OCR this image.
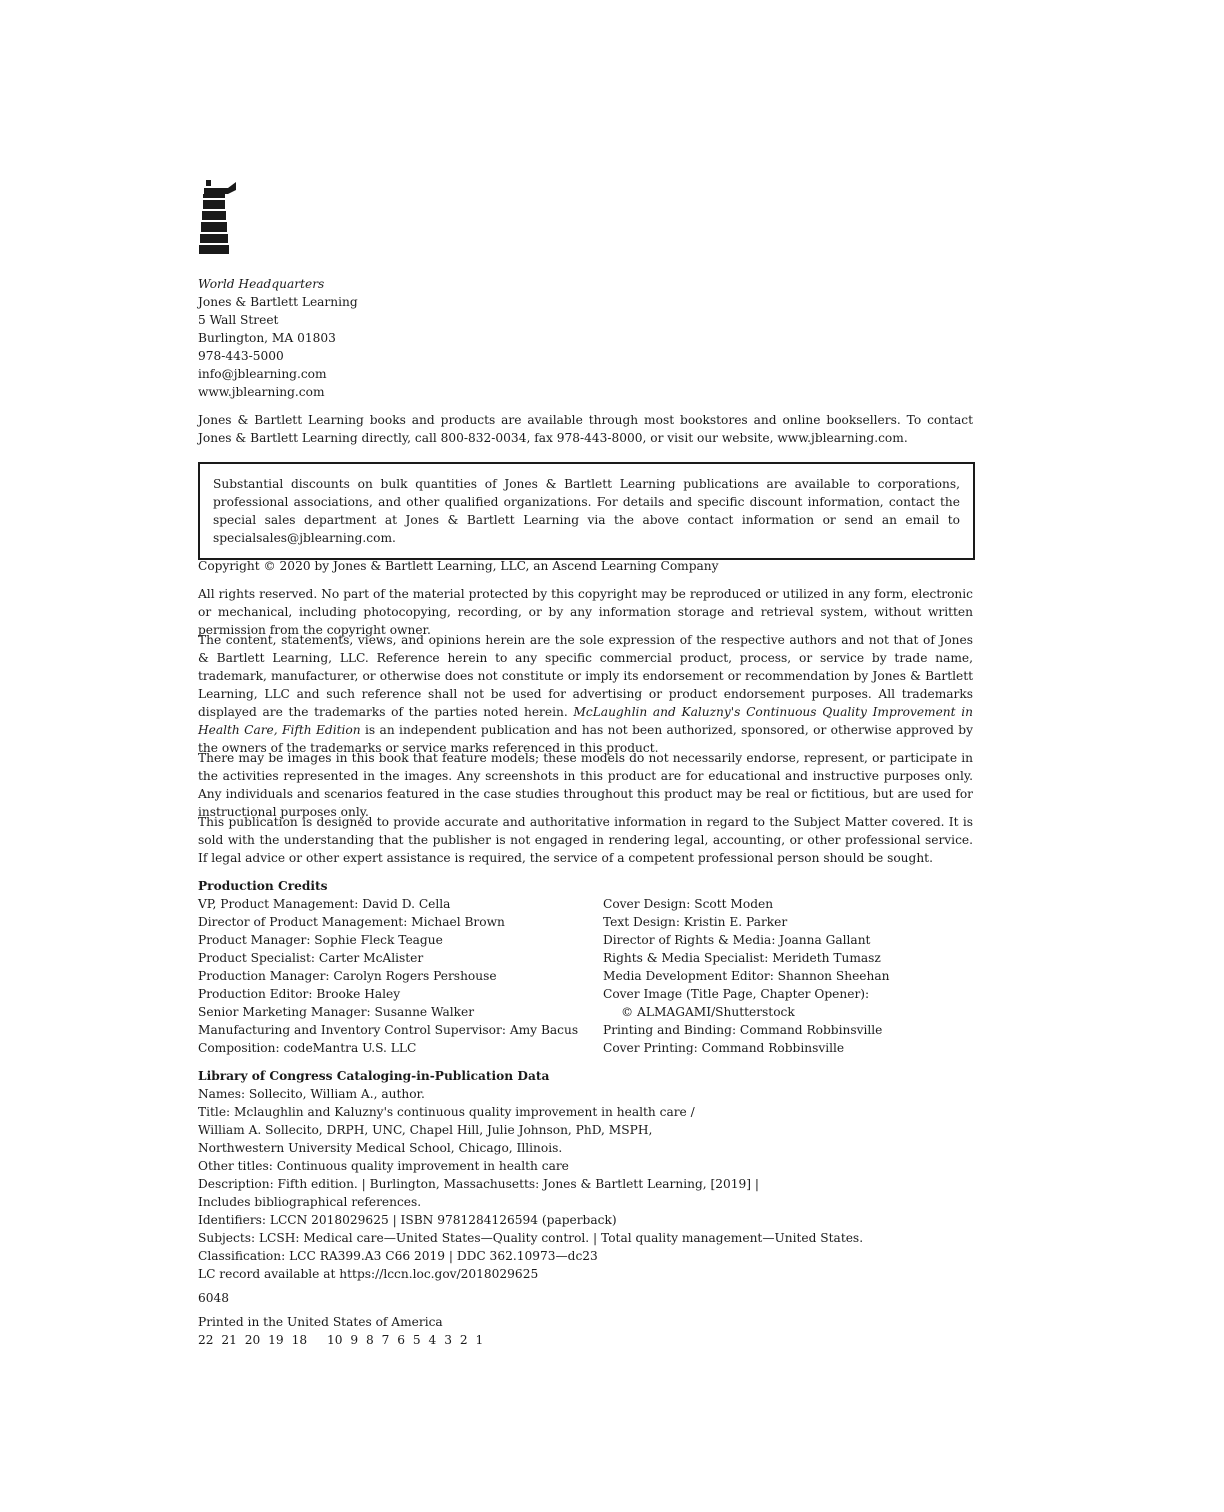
World Headquarters
Jones & Bartlett Learning
5 Wall Street
Burlington, MA 01803
978-443-5000
info@jblearning.com
www.jblearning.com

Jones & Bartlett Learning books and products are available through most bookstores and online booksellers. To contact Jones & Bartlett Learning directly, call 800-832-0034, fax 978-443-8000, or visit our website, www.jblearning.com.

Substantial discounts on bulk quantities of Jones & Bartlett Learning publications are available to corporations, professional associations, and other qualified organizations. For details and specific discount information, contact the special sales department at Jones & Bartlett Learning via the above contact information or send an email to specialsales@jblearning.com.

Copyright © 2020 by Jones & Bartlett Learning, LLC, an Ascend Learning Company

All rights reserved. No part of the material protected by this copyright may be reproduced or utilized in any form, electronic or mechanical, including photocopying, recording, or by any information storage and retrieval system, without written permission from the copyright owner.

The content, statements, views, and opinions herein are the sole expression of the respective authors and not that of Jones & Bartlett Learning, LLC. Reference herein to any specific commercial product, process, or service by trade name, trademark, manufacturer, or otherwise does not constitute or imply its endorsement or recommendation by Jones & Bartlett Learning, LLC and such reference shall not be used for advertising or product endorsement purposes. All trademarks displayed are the trademarks of the parties noted herein. McLaughlin and Kaluzny's Continuous Quality Improvement in Health Care, Fifth Edition is an independent publication and has not been authorized, sponsored, or otherwise approved by the owners of the trademarks or service marks referenced in this product.

There may be images in this book that feature models; these models do not necessarily endorse, represent, or participate in the activities represented in the images. Any screenshots in this product are for educational and instructive purposes only. Any individuals and scenarios featured in the case studies throughout this product may be real or fictitious, but are used for instructional purposes only.

This publication is designed to provide accurate and authoritative information in regard to the Subject Matter covered. It is sold with the understanding that the publisher is not engaged in rendering legal, accounting, or other professional service. If legal advice or other expert assistance is required, the service of a competent professional person should be sought.

Production Credits
VP, Product Management: David D. Cella
Director of Product Management: Michael Brown
Product Manager: Sophie Fleck Teague
Product Specialist: Carter McAlister
Production Manager: Carolyn Rogers Pershouse
Production Editor: Brooke Haley
Senior Marketing Manager: Susanne Walker
Manufacturing and Inventory Control Supervisor: Amy Bacus
Composition: codeMantra U.S. LLC
Cover Design: Scott Moden
Text Design: Kristin E. Parker
Director of Rights & Media: Joanna Gallant
Rights & Media Specialist: Merideth Tumasz
Media Development Editor: Shannon Sheehan
Cover Image (Title Page, Chapter Opener):
© ALMAGAMI/Shutterstock
Printing and Binding: Command Robbinsville
Cover Printing: Command Robbinsville
Library of Congress Cataloging-in-Publication Data
Names: Sollecito, William A., author.
Title: Mclaughlin and Kaluzny's continuous quality improvement in health care /
William A. Sollecito, DRPH, UNC, Chapel Hill, Julie Johnson, PhD, MSPH,
Northwestern University Medical School, Chicago, Illinois.
Other titles: Continuous quality improvement in health care
Description: Fifth edition. | Burlington, Massachusetts: Jones & Bartlett Learning, [2019] |
Includes bibliographical references.
Identifiers: LCCN 2018029625 | ISBN 9781284126594 (paperback)
Subjects: LCSH: Medical care—United States—Quality control. | Total quality management—United States.
Classification: LCC RA399.A3 C66 2019 | DDC 362.10973—dc23
LC record available at https://lccn.loc.gov/2018029625
6048
Printed in the United States of America
22 21 20 19 18 10 9 8 7 6 5 4 3 2 1
